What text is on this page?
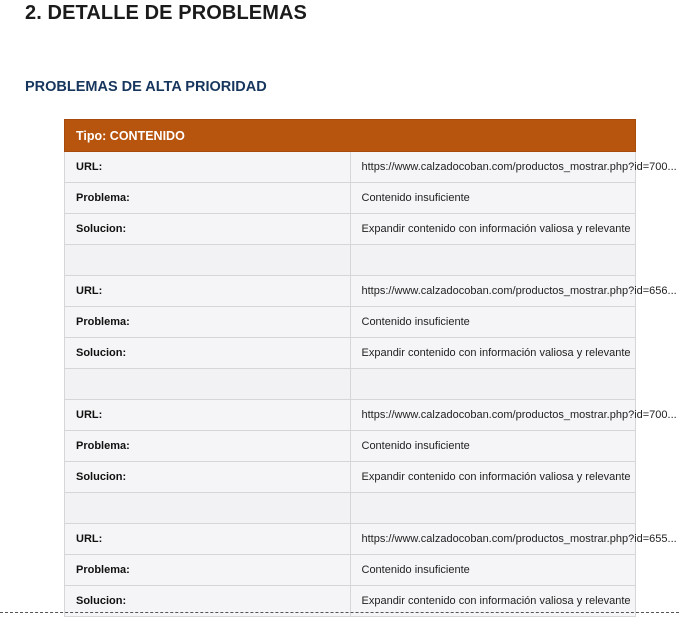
2. DETALLE DE PROBLEMAS
PROBLEMAS DE ALTA PRIORIDAD
Tipo: CONTENIDO	
URL:	https://www.calzadocoban.com/productos_mostrar.php?id=700...
Problema:	Contenido insuficiente
Solucion:	Expandir contenido con información valiosa y relevante

URL:	https://www.calzadocoban.com/productos_mostrar.php?id=656...
Problema:	Contenido insuficiente
Solucion:	Expandir contenido con información valiosa y relevante

URL:	https://www.calzadocoban.com/productos_mostrar.php?id=700...
Problema:	Contenido insuficiente
Solucion:	Expandir contenido con información valiosa y relevante

URL:	https://www.calzadocoban.com/productos_mostrar.php?id=655...
Problema:	Contenido insuficiente
Solucion:	Expandir contenido con información valiosa y relevante
